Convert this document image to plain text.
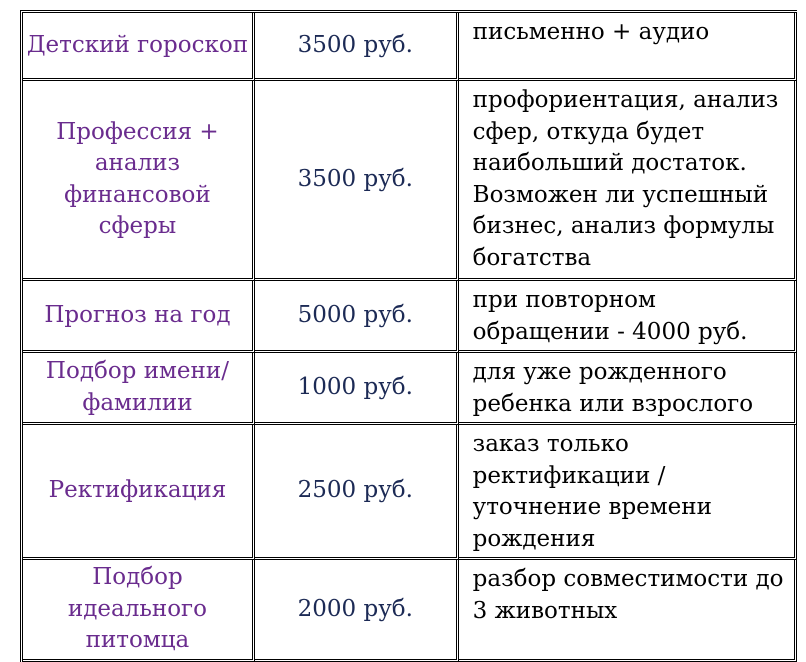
Детский гороскоп	3500 руб.	письменно + аудио

Профессия + анализ финансовой сферы	3500 руб.	профориентация, анализ сфер, откуда будет наибольший достаток. Возможен ли успешный бизнес, анализ формулы богатства

Прогноз на год	5000 руб.	при повторном обращении - 4000 руб.

Подбор имени/ фамилии	1000 руб.	для уже рожденного ребенка или взрослого

Ректификация	2500 руб.	заказ только ректификации / уточнение времени рождения

Подбор идеального питомца	2000 руб.	разбор совместимости до 3 животных
